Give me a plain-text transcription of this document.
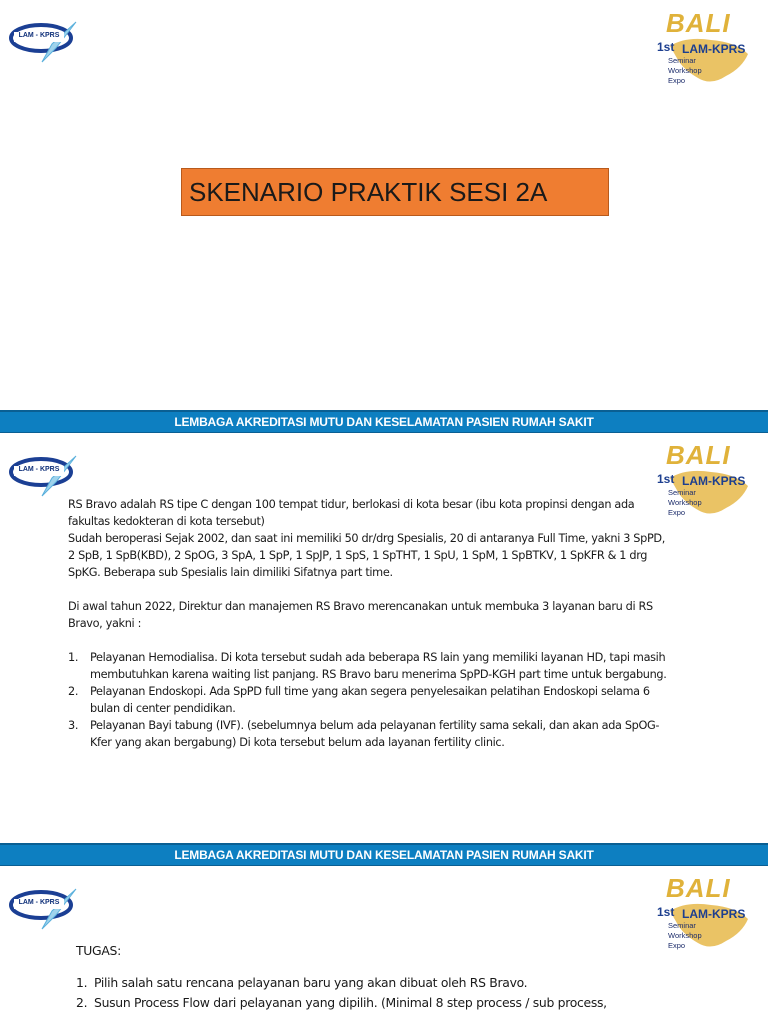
LAM - KPRS	BALI
1st LAM-KPRS
Seminar
Workshop
Expo
SKENARIO PRAKTIK SESI 2A
LEMBAGA AKREDITASI MUTU DAN KESELAMATAN PASIEN RUMAH SAKIT
LAM - KPRS	BALI
1st LAM-KPRS
Seminar
Workshop
Expo

RS Bravo adalah RS tipe C dengan 100 tempat tidur, berlokasi di kota besar (ibu kota propinsi dengan ada fakultas kedokteran di kota tersebut)

Sudah beroperasi Sejak 2002, dan saat ini memiliki 50 dr/drg Spesialis, 20 di antaranya Full Time, yakni 3 SpPD, 2 SpB, 1 SpB(KBD), 2 SpOG, 3 SpA, 1 SpP, 1 SpJP, 1 SpS, 1 SpTHT, 1 SpU, 1 SpM, 1 SpBTKV, 1 SpKFR & 1 drg SpKG. Beberapa sub Spesialis lain dimiliki Sifatnya part time.

Di awal tahun 2022, Direktur dan manajemen RS Bravo merencanakan untuk membuka 3 layanan baru di RS Bravo, yakni :

1. Pelayanan Hemodialisa. Di kota tersebut sudah ada beberapa RS lain yang memiliki layanan HD, tapi masih membutuhkan karena waiting list panjang. RS Bravo baru menerima SpPD-KGH part time untuk bergabung.
2. Pelayanan Endoskopi. Ada SpPD full time yang akan segera penyelesaikan pelatihan Endoskopi selama 6 bulan di center pendidikan.
3. Pelayanan Bayi tabung (IVF). (sebelumnya belum ada pelayanan fertility sama sekali, dan akan ada SpOG-Kfer yang akan bergabung) Di kota tersebut belum ada layanan fertility clinic.
LEMBAGA AKREDITASI MUTU DAN KESELAMATAN PASIEN RUMAH SAKIT
LAM - KPRS	BALI
1st LAM-KPRS
Seminar
Workshop
Expo
TUGAS:
1. Pilih salah satu rencana pelayanan baru yang akan dibuat oleh RS Bravo.
2. Susun Process Flow dari pelayanan yang dipilih. (Minimal 8 step process / sub process,
